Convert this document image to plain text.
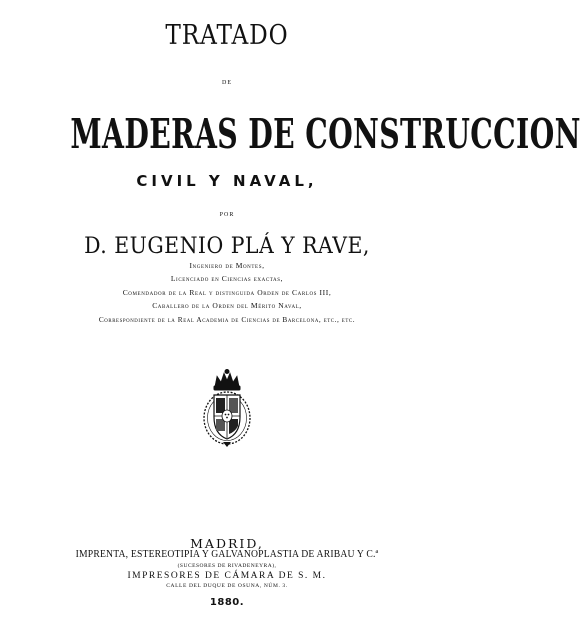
TRATADO
DE
MADERAS DE CONSTRUCCION
CIVIL Y NAVAL,
POR
D. EUGENIO PLÁ Y RAVE,
Ingeniero de Montes,
Licenciado en Ciencias exactas,
Comendador de la Real y distinguida Orden de Carlos III,
Caballero de la Orden del Mérito Naval,
Correspondiente de la Real Academia de Ciencias de Barcelona, etc., etc.
MADRID,
IMPRENTA, ESTEREOTIPIA Y GALVANOPLASTIA DE ARIBAU Y C.ª
(SUCESORES DE RIVADENEYRA),
IMPRESORES DE CÁMARA DE S. M.
CALLE DEL DUQUE DE OSUNA, NÚM. 3.
1880.
